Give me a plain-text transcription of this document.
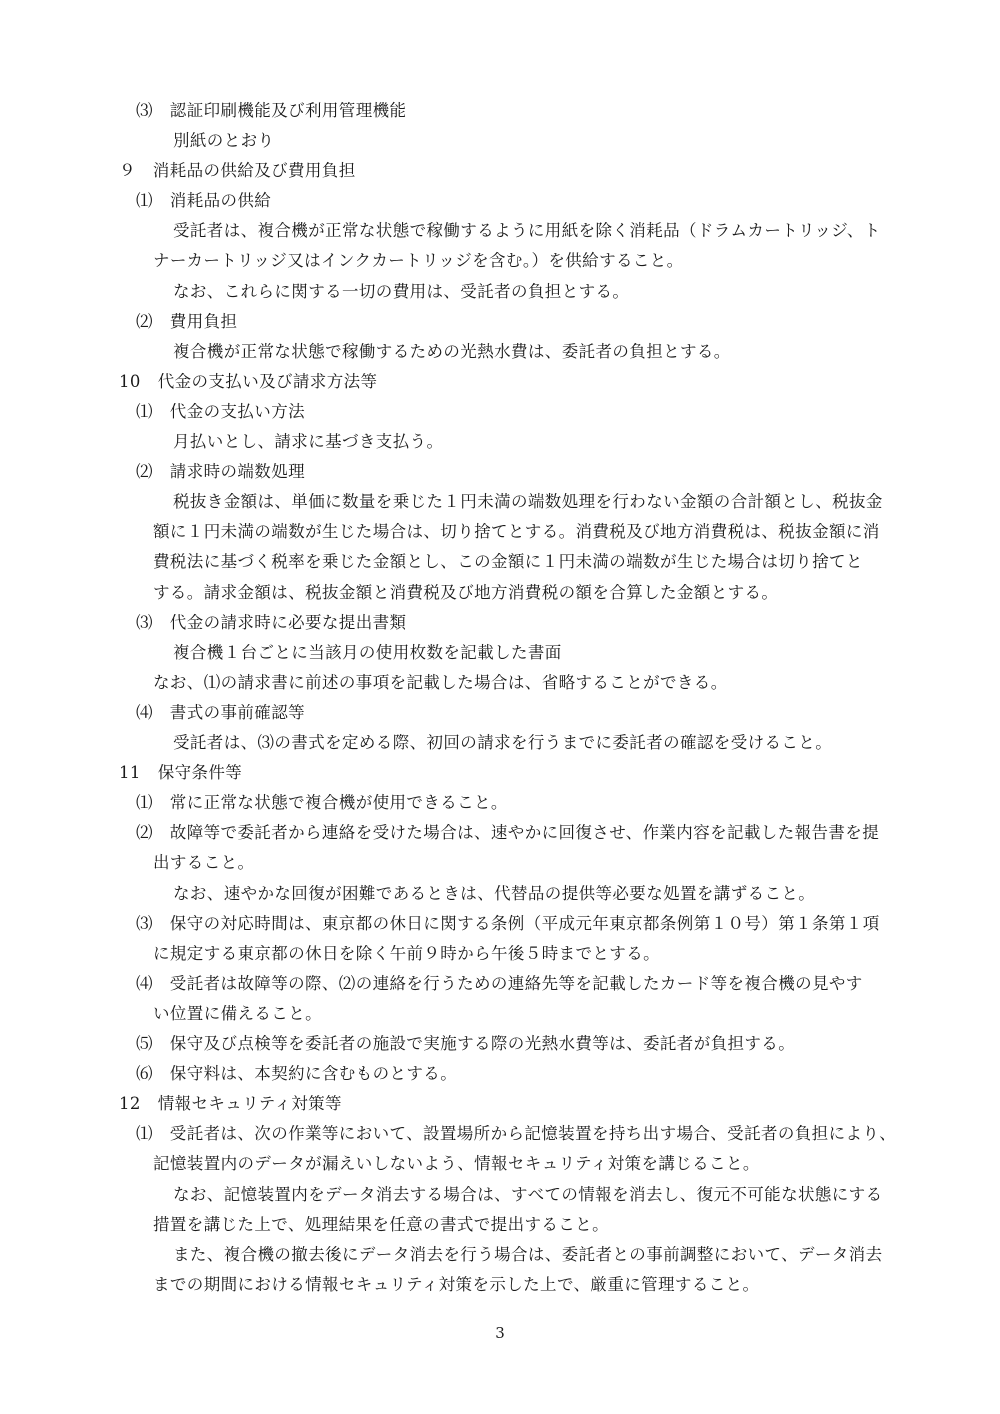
⑶　認証印刷機能及び利用管理機能
別紙のとおり
９　消耗品の供給及び費用負担
⑴　消耗品の供給
受託者は、複合機が正常な状態で稼働するように用紙を除く消耗品（ドラムカートリッジ、ト
ナーカートリッジ又はインクカートリッジを含む。）を供給すること。
なお、これらに関する一切の費用は、受託者の負担とする。
⑵　費用負担
複合機が正常な状態で稼働するための光熱水費は、委託者の負担とする。
10　代金の支払い及び請求方法等
⑴　代金の支払い方法
月払いとし、請求に基づき支払う。
⑵　請求時の端数処理
税抜き金額は、単価に数量を乗じた１円未満の端数処理を行わない金額の合計額とし、税抜金
額に１円未満の端数が生じた場合は、切り捨てとする。消費税及び地方消費税は、税抜金額に消
費税法に基づく税率を乗じた金額とし、この金額に１円未満の端数が生じた場合は切り捨てと
する。請求金額は、税抜金額と消費税及び地方消費税の額を合算した金額とする。
⑶　代金の請求時に必要な提出書類
複合機１台ごとに当該月の使用枚数を記載した書面
なお、⑴の請求書に前述の事項を記載した場合は、省略することができる。
⑷　書式の事前確認等
受託者は、⑶の書式を定める際、初回の請求を行うまでに委託者の確認を受けること。
11　保守条件等
⑴　常に正常な状態で複合機が使用できること。
⑵　故障等で委託者から連絡を受けた場合は、速やかに回復させ、作業内容を記載した報告書を提
出すること。
なお、速やかな回復が困難であるときは、代替品の提供等必要な処置を講ずること。
⑶　保守の対応時間は、東京都の休日に関する条例（平成元年東京都条例第１０号）第１条第１項
に規定する東京都の休日を除く午前９時から午後５時までとする。
⑷　受託者は故障等の際、⑵の連絡を行うための連絡先等を記載したカード等を複合機の見やす
い位置に備えること。
⑸　保守及び点検等を委託者の施設で実施する際の光熱水費等は、委託者が負担する。
⑹　保守料は、本契約に含むものとする。
12　情報セキュリティ対策等
⑴　受託者は、次の作業等において、設置場所から記憶装置を持ち出す場合、受託者の負担により、
記憶装置内のデータが漏えいしないよう、情報セキュリティ対策を講じること。
なお、記憶装置内をデータ消去する場合は、すべての情報を消去し、復元不可能な状態にする
措置を講じた上で、処理結果を任意の書式で提出すること。
また、複合機の撤去後にデータ消去を行う場合は、委託者との事前調整において、データ消去
までの期間における情報セキュリティ対策を示した上で、厳重に管理すること。
3
